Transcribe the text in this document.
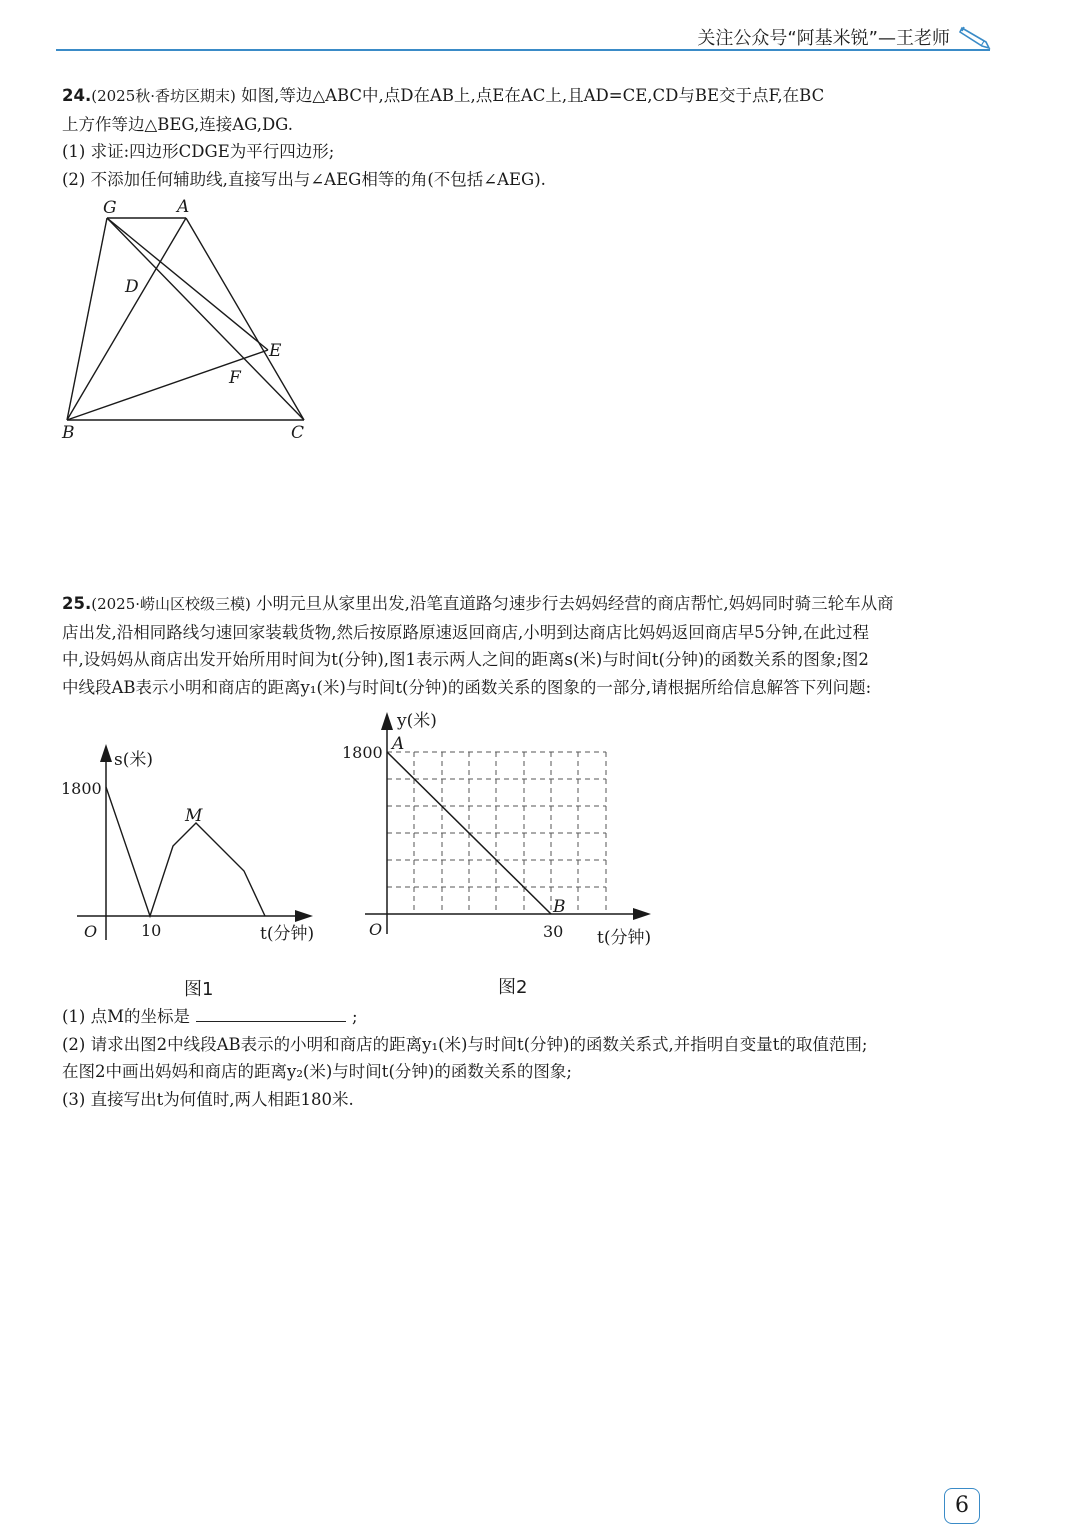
关注公众号“阿基米锐”—王老师

24.(2025秋·香坊区期末) 如图,等边△ABC中,点D在AB上,点E在AC上,且AD=CE,CD与BE交于点F,在BC

上方作等边△BEG,连接AG,DG.

(1) 求证:四边形CDGE为平行四边形;

(2) 不添加任何辅助线,直接写出与∠AEG相等的角(不包括∠AEG).

G	A
D
E
F
B	C

25.(2025·崂山区校级三模) 小明元旦从家里出发,沿笔直道路匀速步行去妈妈经营的商店帮忙,妈妈同时骑三轮车从商

店出发,沿相同路线匀速回家装载货物,然后按原路原速返回商店,小明到达商店比妈妈返回商店早5分钟,在此过程

中,设妈妈从商店出发开始所用时间为t(分钟),图1表示两人之间的距离s(米)与时间t(分钟)的函数关系的图象;图2

中线段AB表示小明和商店的距离y₁(米)与时间t(分钟)的函数关系的图象的一部分,请根据所给信息解答下列问题:

s(米)
1800
M
O	10	t(分钟)
图1
y(米)
1800 A
B
O	30 t(分钟)
图2

(1) 点M的坐标是	;

(2) 请求出图2中线段AB表示的小明和商店的距离y₁(米)与时间t(分钟)的函数关系式,并指明自变量t的取值范围;

在图2中画出妈妈和商店的距离y₂(米)与时间t(分钟)的函数关系的图象;

(3) 直接写出t为何值时,两人相距180米.

6
